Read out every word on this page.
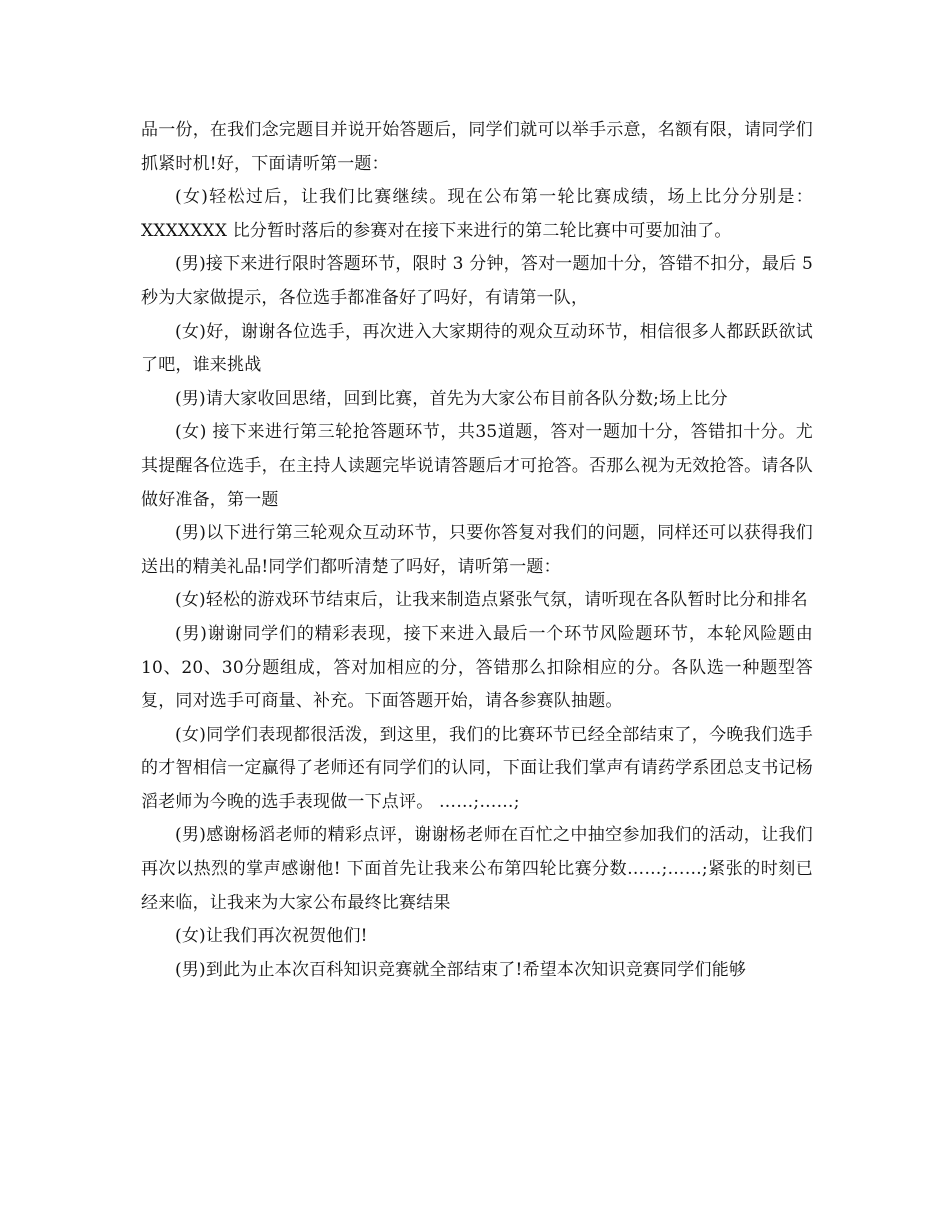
品一份，在我们念完题目并说开始答题后，同学们就可以举手示意，名额有限，请同学们抓紧时机!好，下面请听第一题：

(女)轻松过后，让我们比赛继续。现在公布第一轮比赛成绩，场上比分分别是：XXXXXXX 比分暂时落后的参赛对在接下来进行的第二轮比赛中可要加油了。

(男)接下来进行限时答题环节，限时 3 分钟，答对一题加十分，答错不扣分，最后 5 秒为大家做提示，各位选手都准备好了吗好，有请第一队，

(女)好，谢谢各位选手，再次进入大家期待的观众互动环节，相信很多人都跃跃欲试了吧，谁来挑战

(男)请大家收回思绪，回到比赛，首先为大家公布目前各队分数;场上比分

(女) 接下来进行第三轮抢答题环节，共35道题，答对一题加十分，答错扣十分。尤其提醒各位选手，在主持人读题完毕说请答题后才可抢答。否那么视为无效抢答。请各队做好准备，第一题

(男)以下进行第三轮观众互动环节，只要你答复对我们的问题，同样还可以获得我们送出的精美礼品!同学们都听清楚了吗好，请听第一题：

(女)轻松的游戏环节结束后，让我来制造点紧张气氛，请听现在各队暂时比分和排名

(男)谢谢同学们的精彩表现，接下来进入最后一个环节风险题环节，本轮风险题由10、20、30分题组成，答对加相应的分，答错那么扣除相应的分。各队选一种题型答复，同对选手可商量、补充。下面答题开始，请各参赛队抽题。

(女)同学们表现都很活泼，到这里，我们的比赛环节已经全部结束了，今晚我们选手的才智相信一定赢得了老师还有同学们的认同，下面让我们掌声有请药学系团总支书记杨滔老师为今晚的选手表现做一下点评。 ……;……;

(男)感谢杨滔老师的精彩点评，谢谢杨老师在百忙之中抽空参加我们的活动，让我们再次以热烈的掌声感谢他! 下面首先让我来公布第四轮比赛分数……;……;紧张的时刻已经来临，让我来为大家公布最终比赛结果

(女)让我们再次祝贺他们!

(男)到此为止本次百科知识竞赛就全部结束了!希望本次知识竞赛同学们能够
